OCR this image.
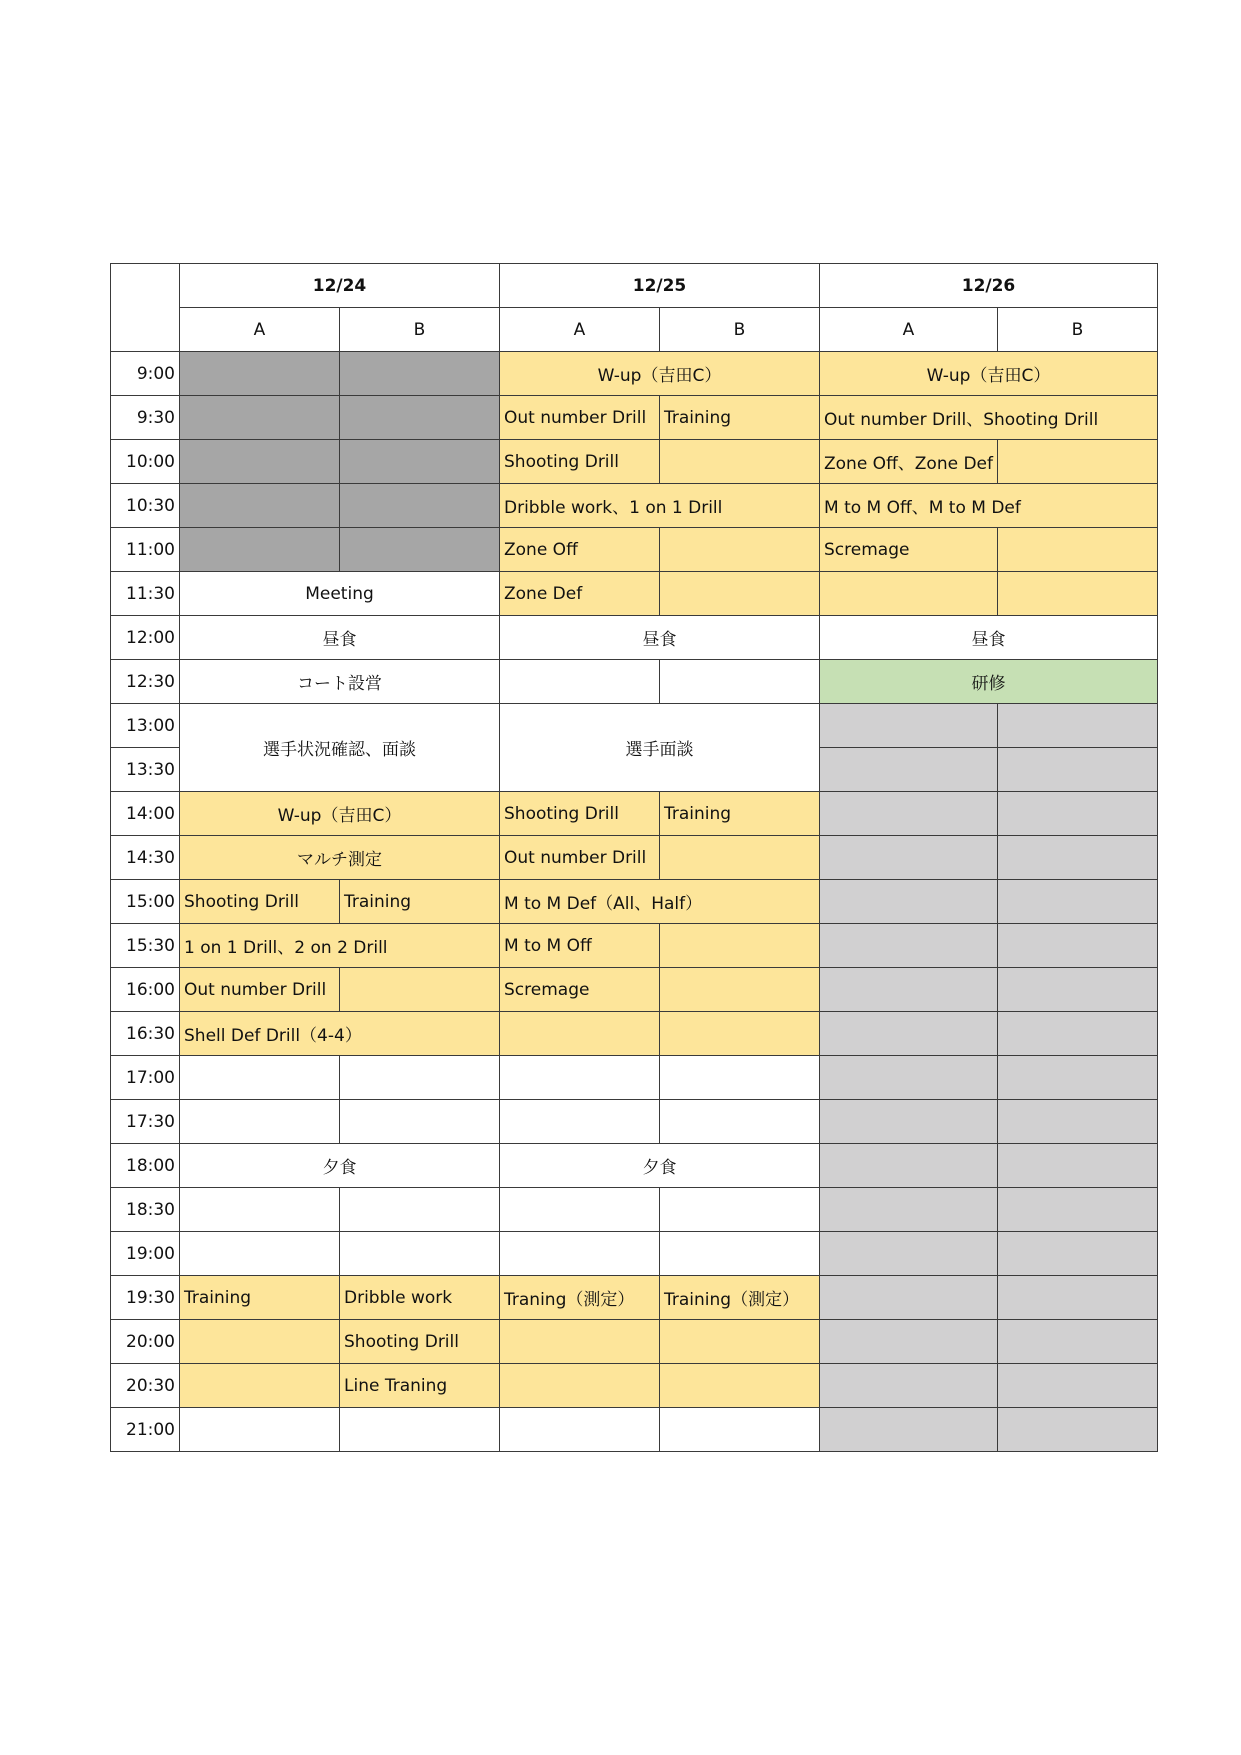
	12/24		12/25		12/26	
	A	B	A	B	A	B
9:00			W-up（吉田C）		W-up（吉田C）	
9:30			Out number Drill	Training	Out number Drill、Shooting Drill	
10:00			Shooting Drill		Zone Off、Zone Def	
10:30			Dribble work、1 on 1 Drill		M to M Off、M to M Def	
11:00			Zone Off		Scremage	
11:30	Meeting		Zone Def			
12:00	昼食		昼食		昼食	
12:30	コート設営				研修	
13:00	選手状況確認、面談		選手面談			
13:30						
14:00	W-up（吉田C）		Shooting Drill	Training		
14:30	マルチ測定		Out number Drill			
15:00	Shooting Drill	Training	M to M Def（All、Half）			
15:30	1 on 1 Drill、2 on 2 Drill		M to M Off			
16:00	Out number Drill		Scremage			
16:30	Shell Def Drill（4-4）					
17:00						
17:30						
18:00	夕食		夕食			
18:30						
19:00						
19:30	Training	Dribble work	Traning（測定）	Training（測定）		
20:00		Shooting Drill				
20:30		Line Traning				
21:00						
